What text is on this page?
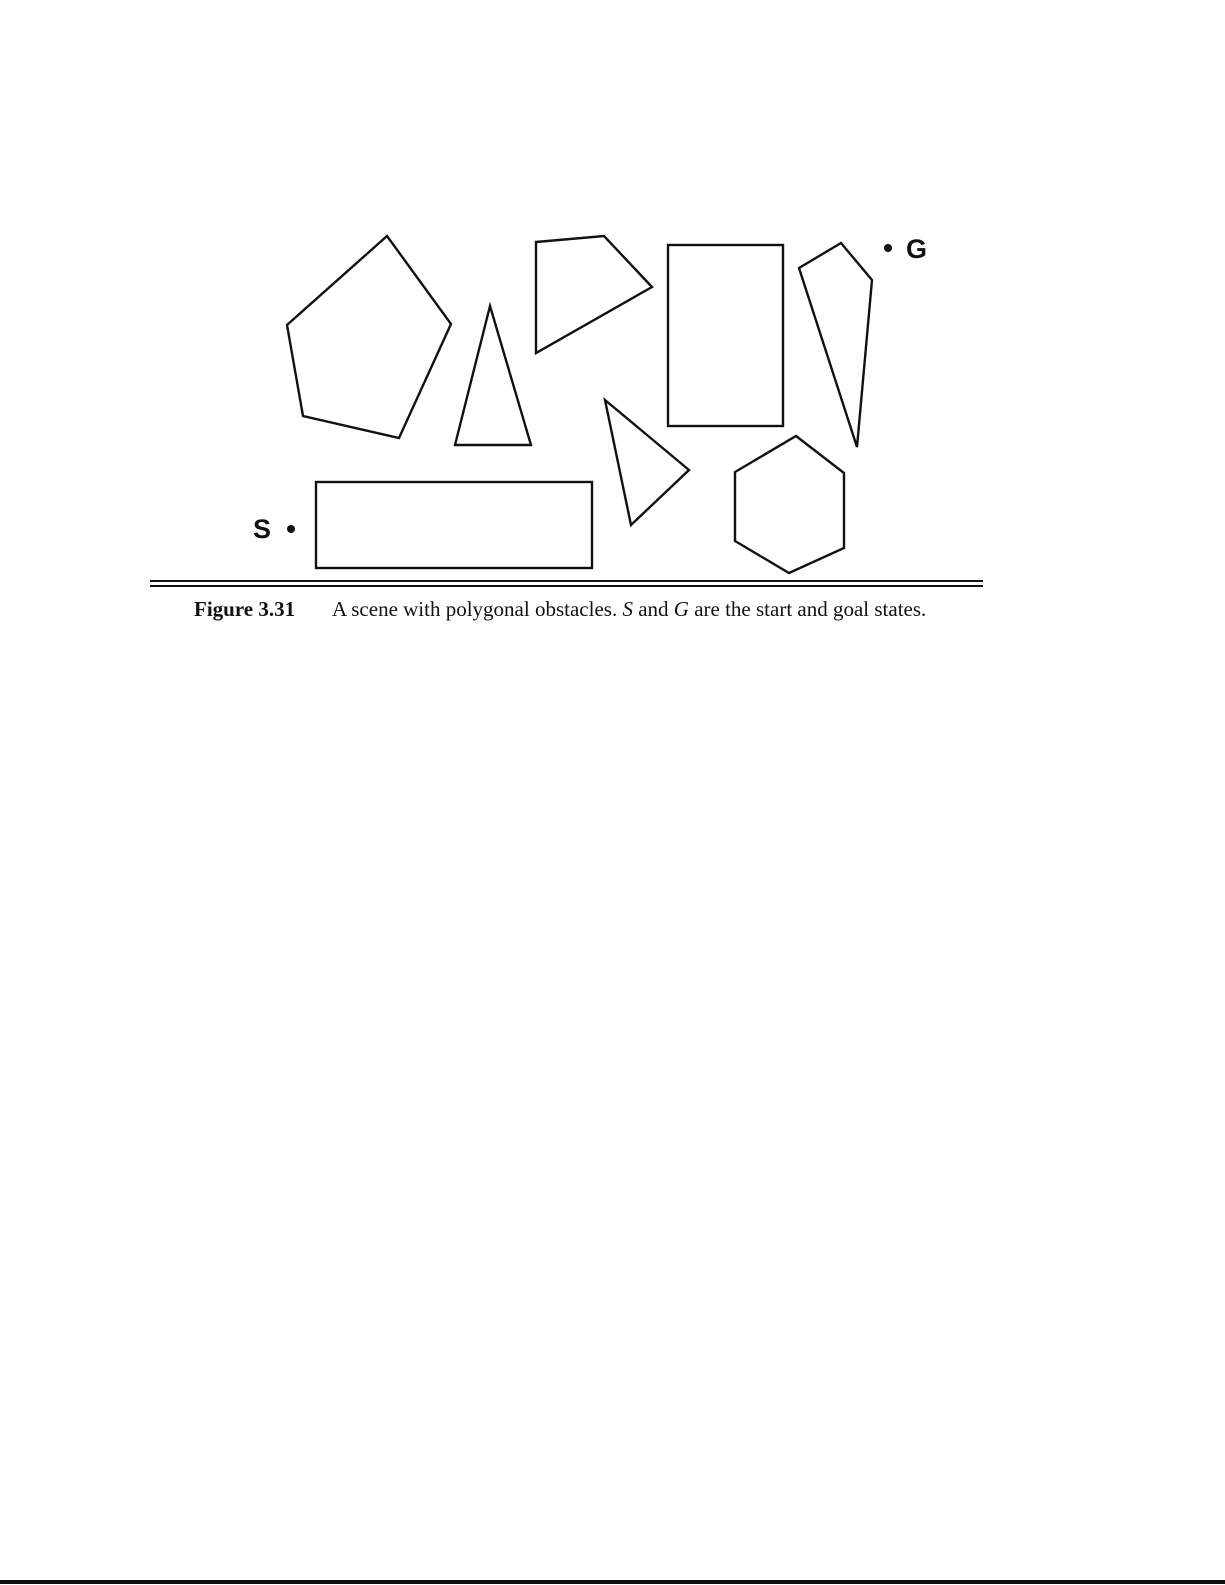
S
G
Figure 3.31 A scene with polygonal obstacles. S and G are the start and goal states.
